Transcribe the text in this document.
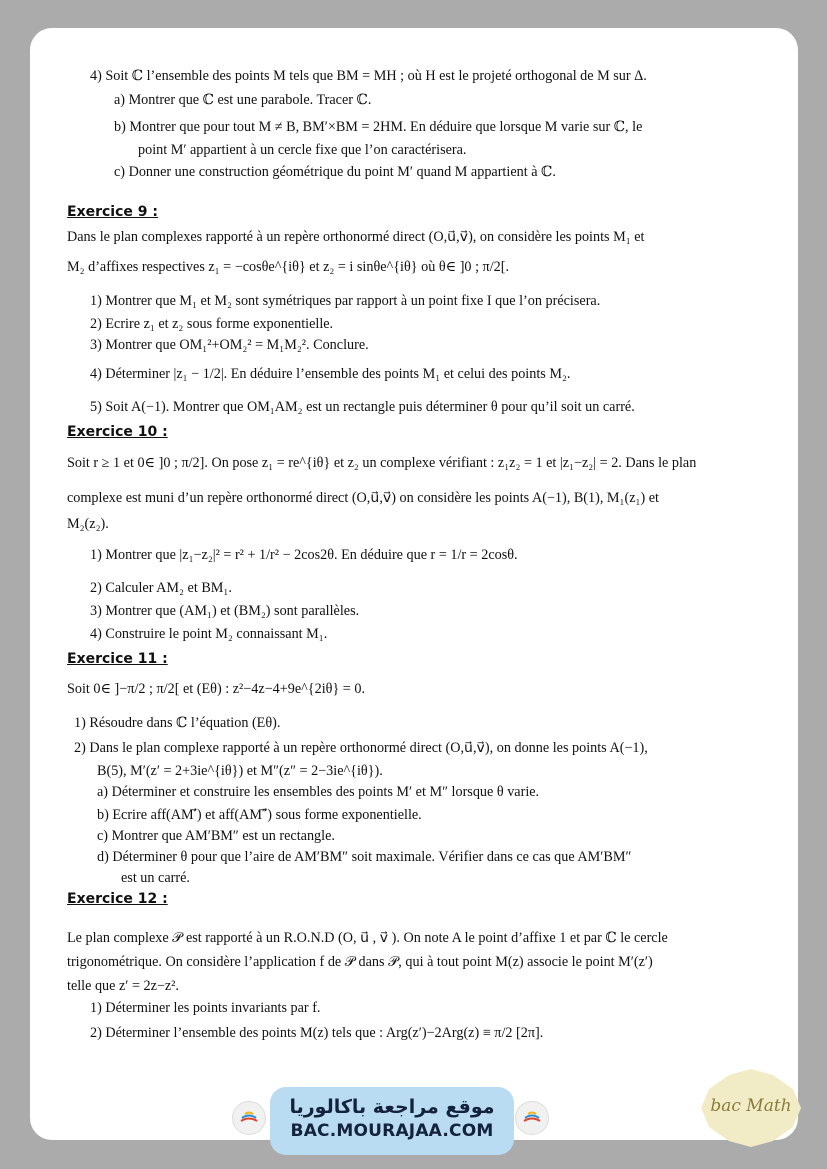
4) Soit ℂ l’ensemble des points M tels que BM = MH ; où H est le projeté orthogonal de M sur Δ.
a) Montrer que ℂ est une parabole. Tracer ℂ.
b) Montrer que pour tout M ≠ B, BM′×BM = 2HM. En déduire que lorsque M varie sur ℂ, le
point M′ appartient à un cercle fixe que l’on caractérisera.
c) Donner une construction géométrique du point M′ quand M appartient à ℂ.
Exercice 9 :
Dans le plan complexes rapporté à un repère orthonormé direct (O,u⃗,v⃗), on considère les points M₁ et
M₂ d’affixes respectives z₁ = −cosθe^{iθ} et z₂ = i sinθe^{iθ} où θ∈ ]0 ; π/2[.
1) Montrer que M₁ et M₂ sont symétriques par rapport à un point fixe I que l’on précisera.
2) Ecrire z₁ et z₂ sous forme exponentielle.
3) Montrer que OM₁²+OM₂² = M₁M₂². Conclure.
4) Déterminer |z₁ − 1/2|. En déduire l’ensemble des points M₁ et celui des points M₂.
5) Soit A(−1). Montrer que OM₁AM₂ est un rectangle puis déterminer θ pour qu’il soit un carré.
Exercice 10 :
Soit r ≥ 1 et 0∈ ]0 ; π/2]. On pose z₁ = re^{iθ} et z₂ un complexe vérifiant : z₁z₂ = 1 et |z₁−z₂| = 2. Dans le plan
complexe est muni d’un repère orthonormé direct (O,u⃗,v⃗) on considère les points A(−1), B(1), M₁(z₁) et
M₂(z₂).
1) Montrer que |z₁−z₂|² = r² + 1/r² − 2cos2θ. En déduire que r = 1/r = 2cosθ.
2) Calculer AM₂ et BM₁.
3) Montrer que (AM₁) et (BM₂) sont parallèles.
4) Construire le point M₂ connaissant M₁.
Exercice 11 :
Soit 0∈ ]−π/2 ; π/2[ et (Eθ) : z²−4z−4+9e^{2iθ} = 0.
1) Résoudre dans ℂ l’équation (Eθ).
2) Dans le plan complexe rapporté à un repère orthonormé direct (O,u⃗,v⃗), on donne les points A(−1),
B(5), M′(z′ = 2+3ie^{iθ}) et M″(z″ = 2−3ie^{iθ}).
a) Déterminer et construire les ensembles des points M′ et M″ lorsque θ varie.
b) Ecrire aff(AM′⃗) et aff(AM″⃗) sous forme exponentielle.
c) Montrer que AM′BM″ est un rectangle.
d) Déterminer θ pour que l’aire de AM′BM″ soit maximale. Vérifier dans ce cas que AM′BM″
est un carré.
Exercice 12 :
Le plan complexe 𝒫 est rapporté à un R.O.N.D (O, u⃗ , v⃗ ). On note A le point d’affixe 1 et par ℂ le cercle
trigonométrique. On considère l’application f de 𝒫 dans 𝒫, qui à tout point M(z) associe le point M′(z′)
telle que z′ = 2z−z².
1) Déterminer les points invariants par f.
2) Déterminer l’ensemble des points M(z) tels que : Arg(z′)−2Arg(z) ≡ π/2 [2π].
موقع مراجعة باكالوريا
BAC.MOURAJAA.COM
bac Math
